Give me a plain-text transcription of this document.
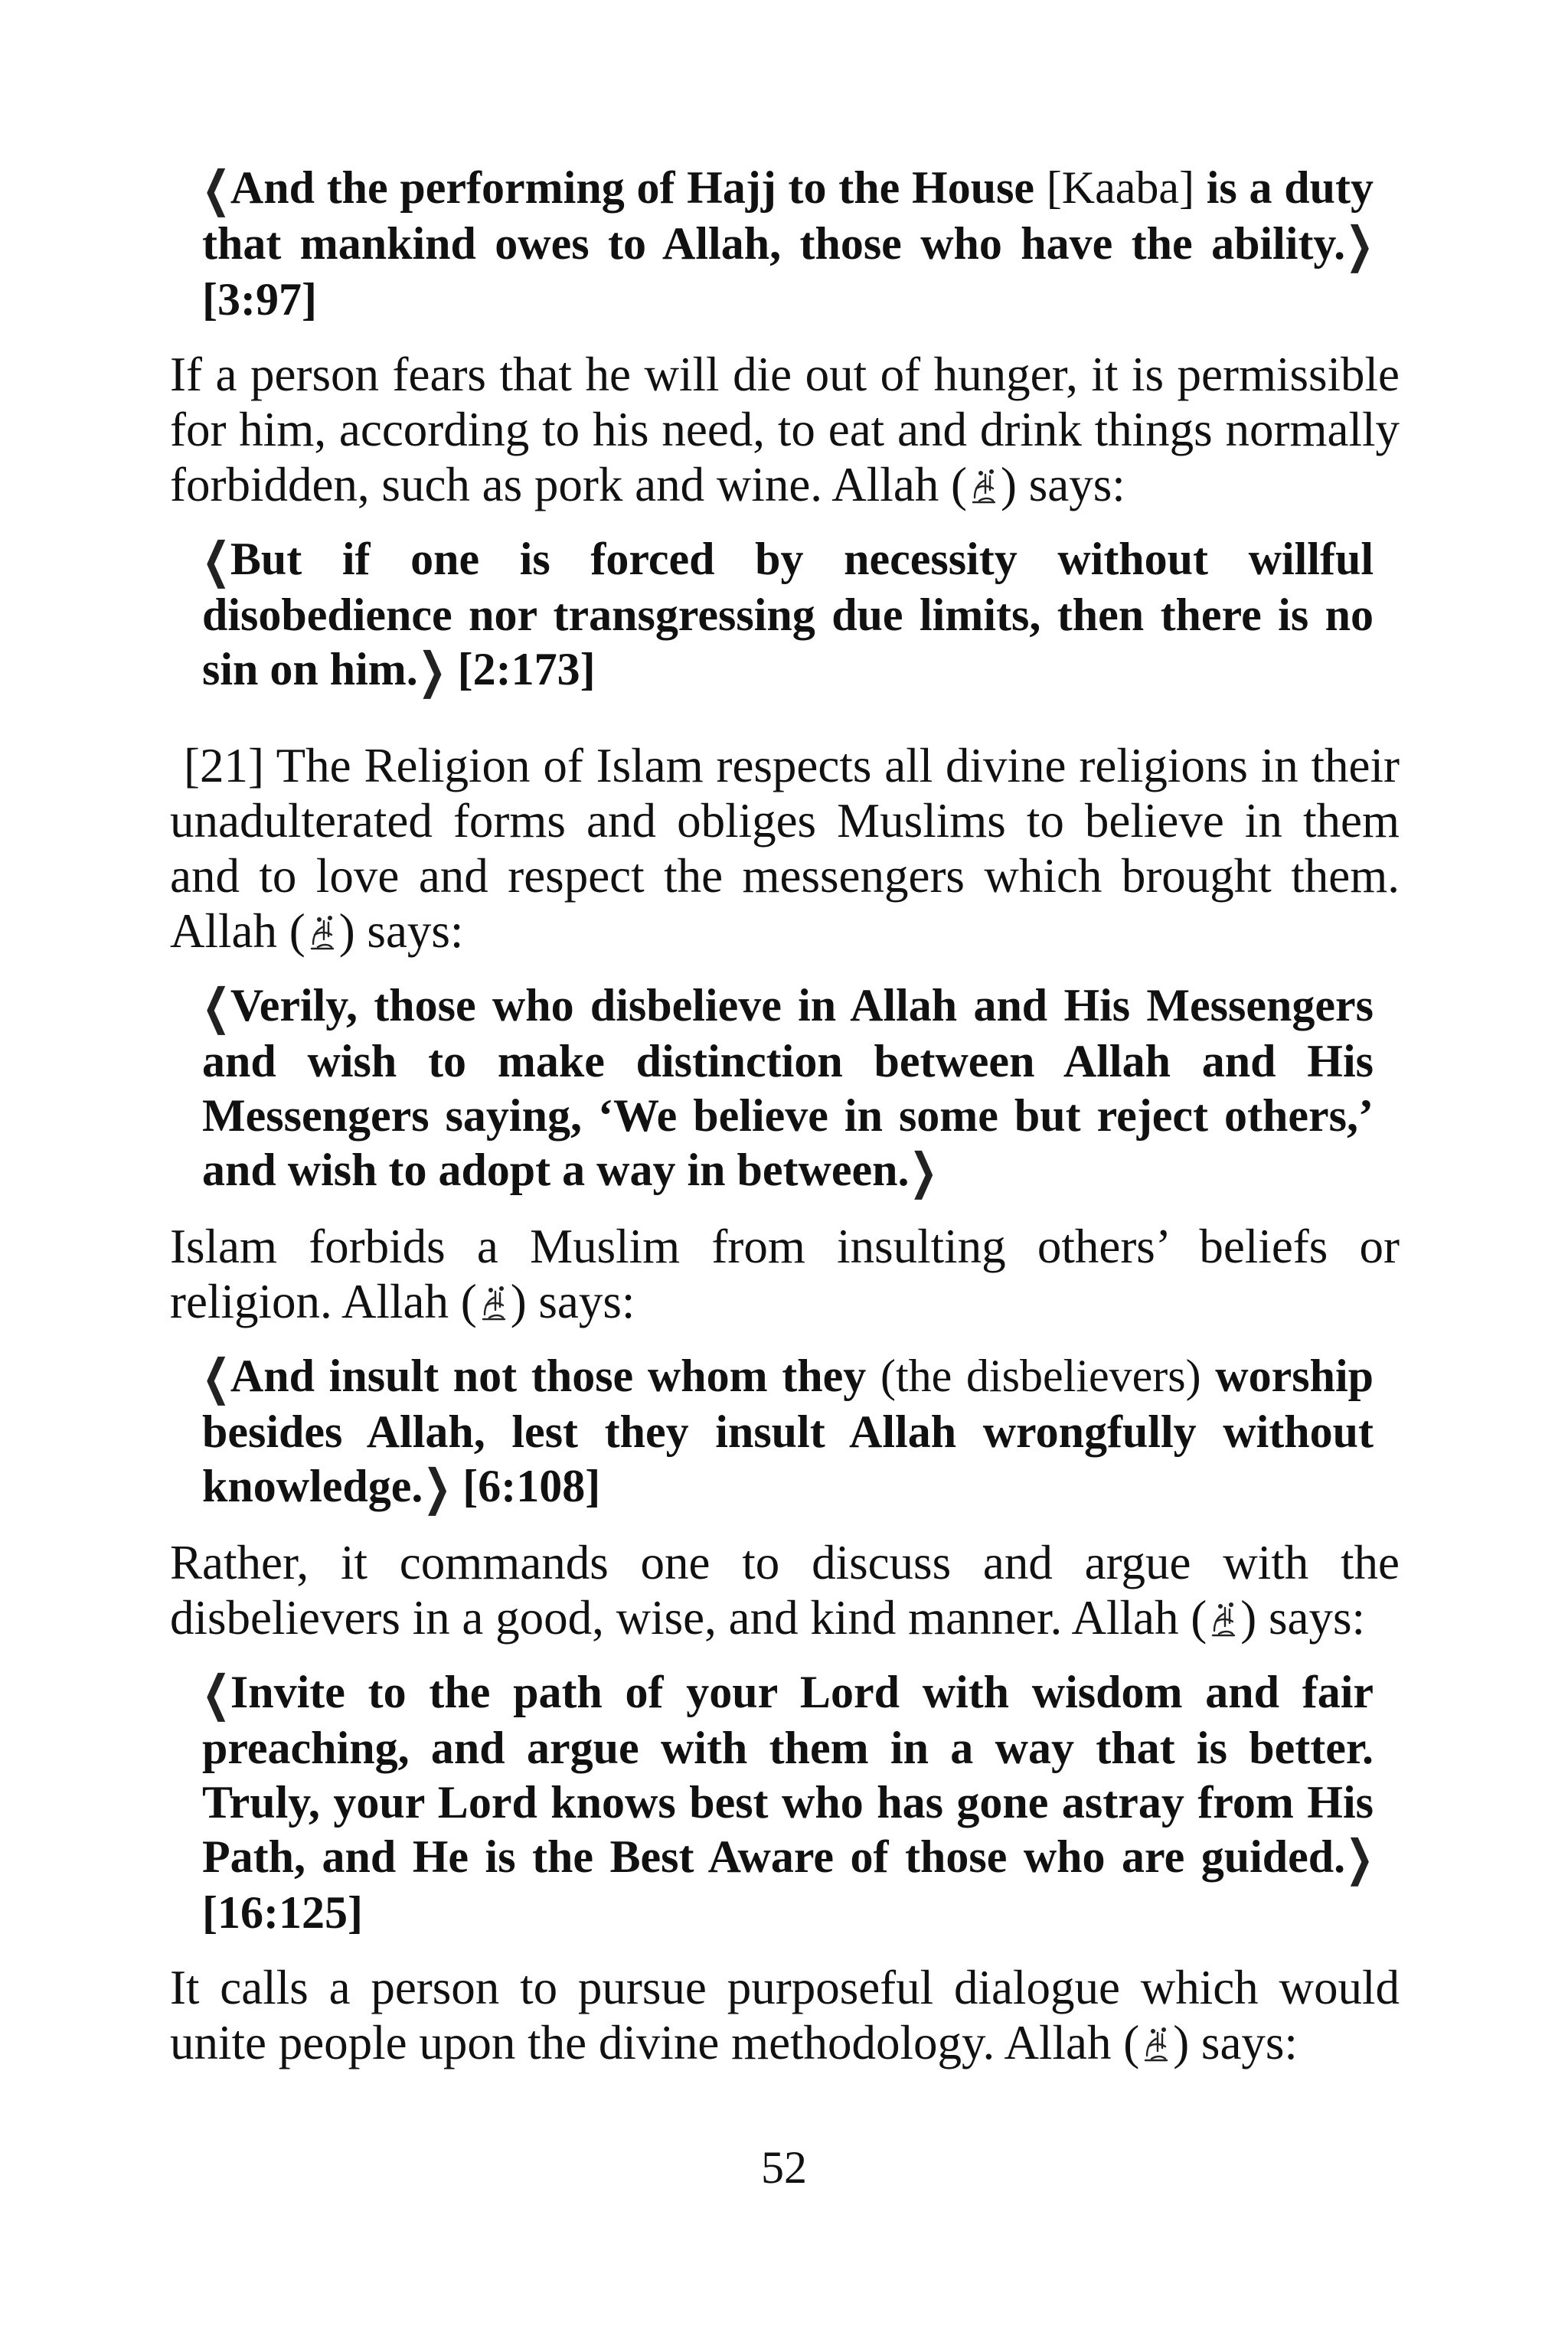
❮And the performing of Hajj to the House [Kaaba] is a duty that mankind owes to Allah, those who have the ability.❯ [3:97]

If a person fears that he will die out of hunger, it is permissible for him, according to his need, to eat and drink things normally forbidden, such as pork and wine. Allah ( ) says:

❮But if one is forced by necessity without willful disobedience nor transgressing due limits, then there is no sin on him.❯ [2:173]

[21] The Religion of Islam respects all divine religions in their unadulterated forms and obliges Muslims to believe in them and to love and respect the messengers which brought them. Allah ( ) says:

❮Verily, those who disbelieve in Allah and His Messengers and wish to make distinction between Allah and His Messengers saying, ‘We believe in some but reject others,’ and wish to adopt a way in between.❯

Islam forbids a Muslim from insulting others’ beliefs or religion. Allah ( ) says:

❮And insult not those whom they (the disbelievers) worship besides Allah, lest they insult Allah wrongfully without knowledge.❯ [6:108]

Rather, it commands one to discuss and argue with the disbelievers in a good, wise, and kind manner. Allah ( ) says:

❮Invite to the path of your Lord with wisdom and fair preaching, and argue with them in a way that is better. Truly, your Lord knows best who has gone astray from His Path, and He is the Best Aware of those who are guided.❯ [16:125]

It calls a person to pursue purposeful dialogue which would unite people upon the divine methodology. Allah ( ) says:

52
